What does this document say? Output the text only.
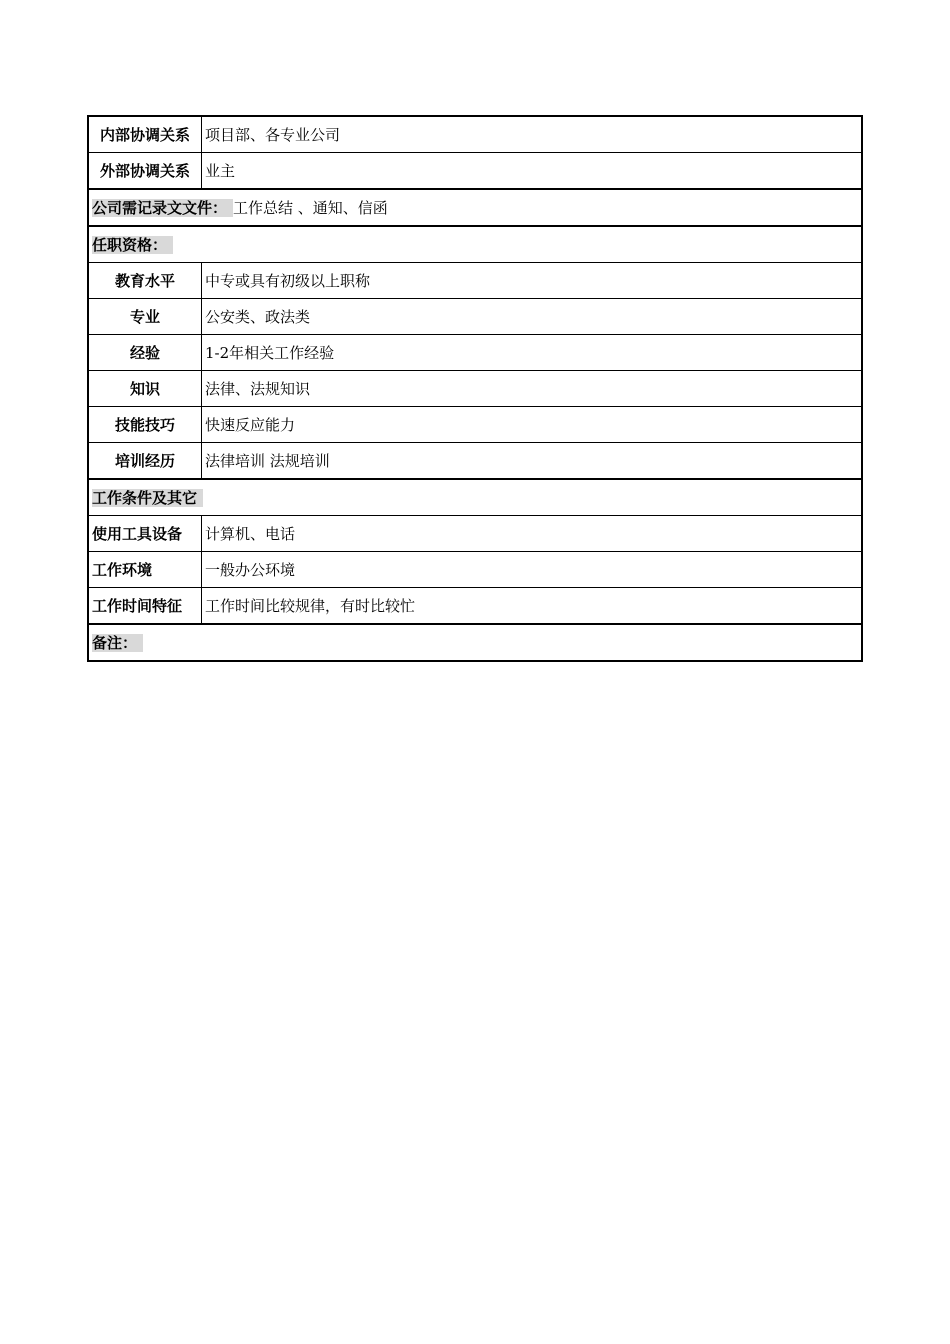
内部协调关系	项目部、各专业公司
外部协调关系	业主
公司需记录文文件： 工作总结 、通知、信函	
任职资格：	
教育水平	中专或具有初级以上职称
专业	公安类、政法类
经验	1-2年相关工作经验
知识	法律、法规知识
技能技巧	快速反应能力
培训经历	法律培训 法规培训
工作条件及其它	
使用工具设备	计算机、电话
工作环境	一般办公环境
工作时间特征	工作时间比较规律，有时比较忙
备注：	
